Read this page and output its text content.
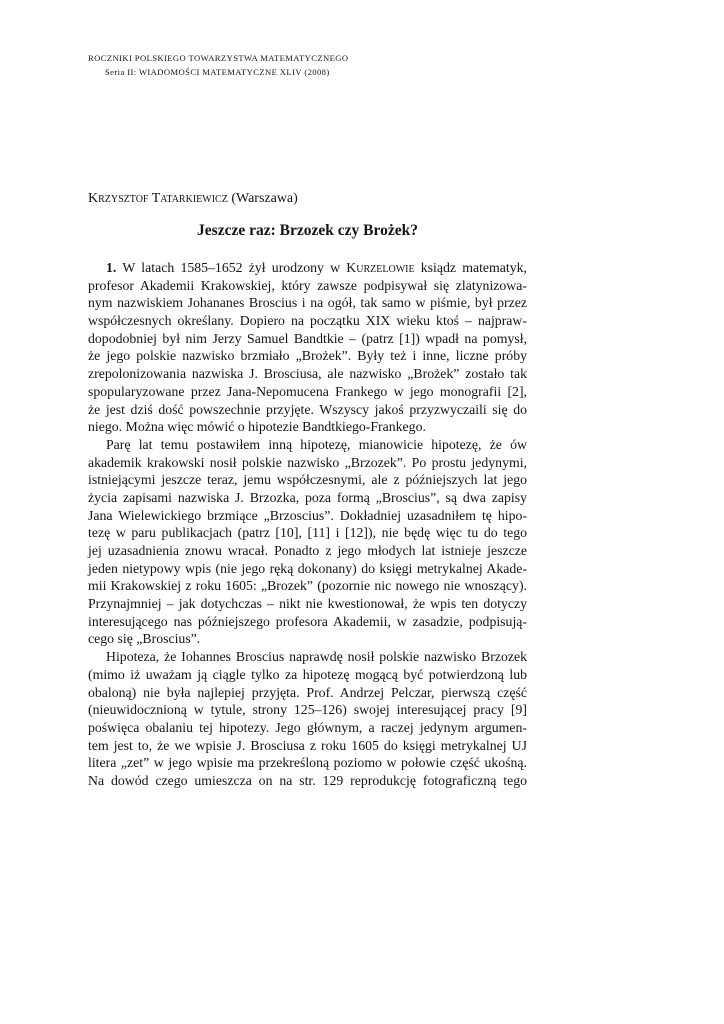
ROCZNIKI POLSKIEGO TOWARZYSTWA MATEMATYCZNEGO
Seria II: WIADOMOŚCI MATEMATYCZNE XLIV (2008)
Krzysztof Tatarkiewicz (Warszawa)
Jeszcze raz: Brzozek czy Brożek?
1. W latach 1585–1652 żył urodzony w Kurzelowie ksiądz matematyk,
profesor Akademii Krakowskiej, który zawsze podpisywał się zlatynizowa-
nym nazwiskiem Johananes Broscius i na ogół, tak samo w piśmie, był przez
współczesnych określany. Dopiero na początku XIX wieku ktoś – najpraw-
dopodobniej był nim Jerzy Samuel Bandtkie – (patrz [1]) wpadł na pomysł,
że jego polskie nazwisko brzmiało „Brożek”. Były też i inne, liczne próby
zrepolonizowania nazwiska J. Brosciusa, ale nazwisko „Brożek” zostało tak
spopularyzowane przez Jana-Nepomucena Frankego w jego monografii [2],
że jest dziś dość powszechnie przyjęte. Wszyscy jakoś przyzwyczaili się do
niego. Można więc mówić o hipotezie Bandtkiego-Frankego.
Parę lat temu postawiłem inną hipotezę, mianowicie hipotezę, że ów
akademik krakowski nosił polskie nazwisko „Brzozek”. Po prostu jedynymi,
istniejącymi jeszcze teraz, jemu współczesnymi, ale z późniejszych lat jego
życia zapisami nazwiska J. Brzozka, poza formą „Broscius”, są dwa zapisy
Jana Wielewickiego brzmiące „Brzoscius”. Dokładniej uzasadniłem tę hipo-
tezę w paru publikacjach (patrz [10], [11] i [12]), nie będę więc tu do tego
jej uzasadnienia znowu wracał. Ponadto z jego młodych lat istnieje jeszcze
jeden nietypowy wpis (nie jego ręką dokonany) do księgi metrykalnej Akade-
mii Krakowskiej z roku 1605: „Brozek” (pozornie nic nowego nie wnoszący).
Przynajmniej – jak dotychczas – nikt nie kwestionował, że wpis ten dotyczy
interesującego nas późniejszego profesora Akademii, w zasadzie, podpisują-
cego się „Broscius”.
Hipoteza, że Iohannes Broscius naprawdę nosił polskie nazwisko Brzozek
(mimo iż uważam ją ciągle tylko za hipotezę mogącą być potwierdzoną lub
obaloną) nie była najlepiej przyjęta. Prof. Andrzej Pelczar, pierwszą część
(nieuwidocznioną w tytule, strony 125–126) swojej interesującej pracy [9]
poświęca obalaniu tej hipotezy. Jego głównym, a raczej jedynym argumen-
tem jest to, że we wpisie J. Brosciusa z roku 1605 do księgi metrykalnej UJ
litera „zet” w jego wpisie ma przekreśloną poziomo w połowie część ukośną.
Na dowód czego umieszcza on na str. 129 reprodukcję fotograficzną tego
